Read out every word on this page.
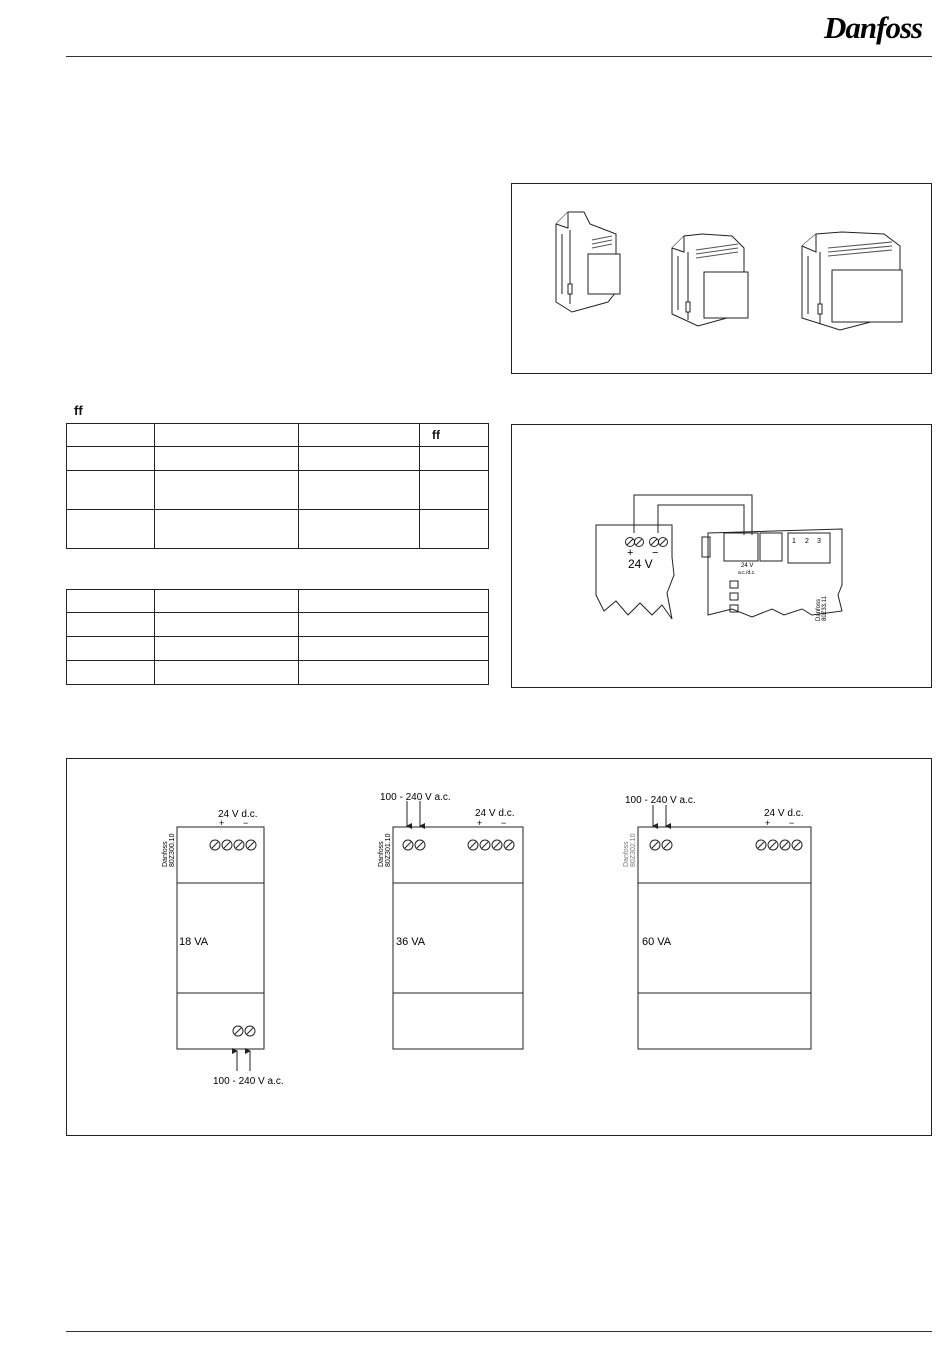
Danfoss
ff
			ff

+ −
24 V	24 V
a.c./d.c.
1 2 3
Danfoss 80Z33.11
24 V d.c.
+ −
18 VA
100 - 240 V a.c.
Danfoss 80Z300.10
100 - 240 V a.c.
24 V d.c.
+ −
36 VA
Danfoss 80Z301.10
100 - 240 V a.c.
24 V d.c.
+ −
60 VA
Danfoss 80Z302.10
